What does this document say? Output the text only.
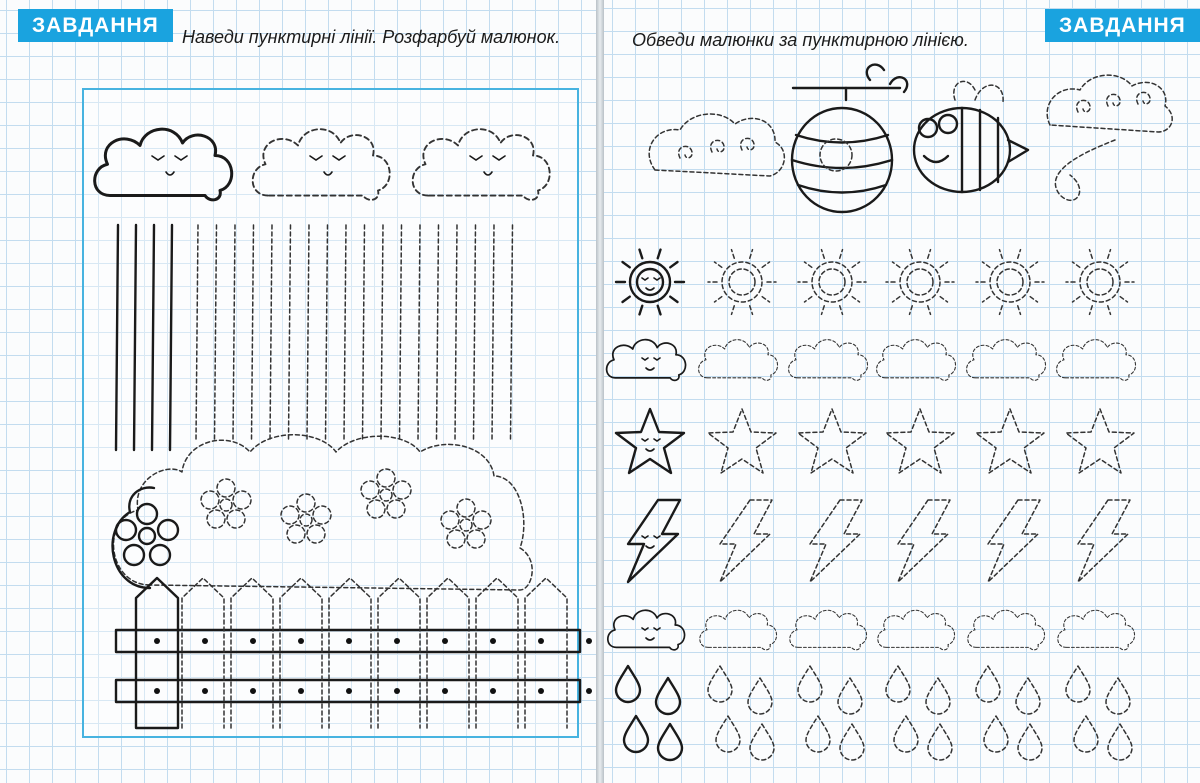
ЗАВДАННЯ	Наведи пунктирні лінії. Розфарбуй малюнок.	ЗАВДАННЯ
Обведи малюнки за пунктирною лінією.
